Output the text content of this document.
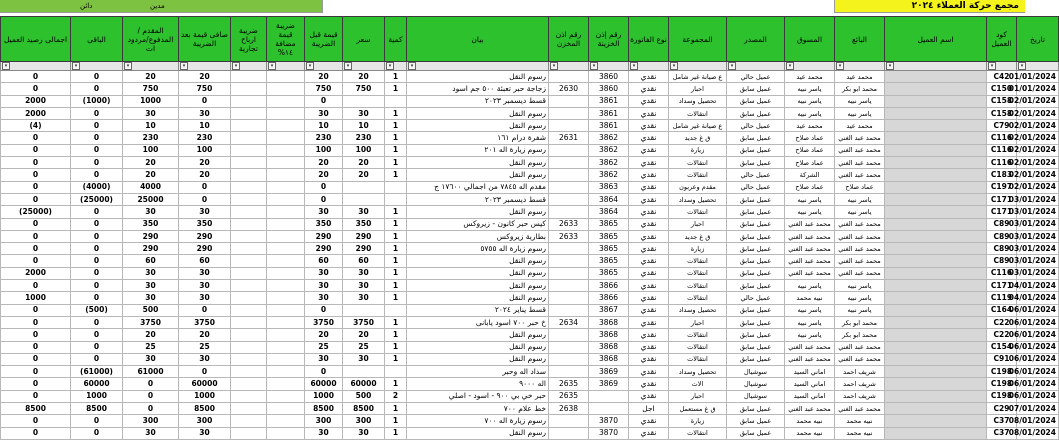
مجمع حركة العملاء ٢٠٢٤
مدين
دائن
تاريخ	كود العميل	اسم العميل	البائع	المسوق	المصدر	المجموعة	نوع الفاتورة	رقم إذن الخزينة	رقم اذن المخزن	بيان	كمية	سعر	قيمة قبل الضريبة	ضريبة قيمة مضافة ١٤%	ضريبة ارباح تجارية	صافى قيمة بعد الضريبة	المقدم / المدفوع/مردود ات	الباقى	اجمالى رصيد العميل

▾	▾	▾	▾	▾	▾	▾	▾	▾	▾	▾	▾	▾	▾	▾	▾	▾	▾	▾	▾

01/01/2024	C42		محمد عيد	محمد عيد	عميل حالي	ع صيانة غير شامل	نقدي	3860		رسوم النقل	1	20	20			20	20	0	0
01/01/2024	C150		محمد ابو بكر	ياسر نبيه	عميل سابق	احبار	نقدي	3860	2630	زجاجة حبر تعبئة ٥٠٠ جم اسود	1	750	750			750	750	0	0
02/01/2024	C158		ياسر نبيه	ياسر نبيه	عميل سابق	تحصيل وسداد	نقدي	3861		قسط ديسمبر ٢٠٢٣			0			0	1000	(1000)	2000
02/01/2024	C158		ياسر نبيه	ياسر نبيه	عميل سابق	انتقالات	نقدي	3861		رسوم النقل	1	30	30			30	30	0	2000
02/01/2024	C79		محمد عيد	محمد عيد	عميل حالي	ع صيانة غير شامل	نقدي	3861		رسوم النقل	1	10	10			10	10	0	(4)
02/01/2024	C116		محمد عبد الغني	عماد صلاح	عميل سابق	ق غ جديد	نقدي	3862	2631	شفرة درام ١٦١	1	230	230			230	230	0	0
02/01/2024	C116		محمد عبد الغني	عماد صلاح	عميل سابق	زيارة	نقدي	3862		رسوم زيارة اله ٢٠١	1	100	100			100	100	0	0
02/01/2024	C116		محمد عبد الغني	عماد صلاح	عميل سابق	انتقالات	نقدي	3862		رسوم النقل	1	20	20			20	20	0	0
02/01/2024	C183		محمد عبد الغني	الشركة	عميل حالي	انتقالات	نقدي	3862		رسوم النقل	1	20	20			20	20	0	0
02/01/2024	C197		عماد صلاح	عماد صلاح	عميل حالي	مقدم وعربون	نقدي	3863		مقدم اله ٧٨٤٥ من اجمالي ١٧٦٠٠ ج			0			0	4000	(4000)	0
03/01/2024	C171		ياسر نبيه	ياسر نبيه	عميل سابق	تحصيل وسداد	نقدي	3864		قسط ديسمبر ٢٠٢٣			0			0	25000	(25000)	0
03/01/2024	C171		ياسر نبيه	ياسر نبيه	عميل سابق	انتقالات	نقدي	3864		رسوم النقل	1	30	30			30	30	0	(25000)
03/01/2024	C89		محمد عبد الغني	محمد عبد الغني	عميل سابق	احبار	نقدي	3865	2633	كيس حبر كانون - زيروكس	1	350	350			350	350	0	0
03/01/2024	C89		محمد عبد الغني	محمد عبد الغني	عميل سابق	ق غ جديد	نقدي	3865	2633	بطارية زيروكس	1	290	290			290	290	0	0
03/01/2024	C89		محمد عبد الغني	محمد عبد الغني	عميل سابق	زيارة	نقدي	3865		رسوم زيارة اله ٥٧٥٥	1	290	290			290	290	0	0
03/01/2024	C89		محمد عبد الغني	محمد عبد الغني	عميل سابق	انتقالات	نقدي	3865		رسوم النقل	1	60	60			60	60	0	0
03/01/2024	C116		محمد عبد الغني	محمد عبد الغني	عميل سابق	انتقالات	نقدي	3865		رسوم النقل	1	30	30			30	30	0	2000
04/01/2024	C171		ياسر نبيه	ياسر نبيه	عميل سابق	انتقالات	نقدي	3866		رسوم النقل	1	30	30			30	30	0	0
04/01/2024	C119		ياسر نبيه	نبيه محمد	عميل حالي	انتقالات	نقدي	3866		رسوم النقل	1	30	30			30	30	0	1000
06/01/2024	C164		ياسر نبيه	ياسر نبيه	عميل سابق	تحصيل وسداد	نقدي	3867		قسط يناير ٢٠٢٤			0			0	500	(500)	0
06/01/2024	C22		محمد ابو بكر	ياسر نبيه	عميل سابق	احبار	نقدي	3868	2634	خ حبر ٧٠٠ اسود يابانى	1	3750	3750			3750	3750	0	0
06/01/2024	C22		محمد ابو بكر	ياسر نبيه	عميل سابق	انتقالات	نقدي	3868		رسوم النقل	1	20	20			20	20	0	0
06/01/2024	C154		محمد عبد الغني	محمد عبد الغني	عميل سابق	انتقالات	نقدي	3868		رسوم النقل	1	25	25			25	25	0	0
06/01/2024	C91		محمد عبد الغني	محمد عبد الغني	عميل سابق	انتقالات	نقدي	3868		رسوم النقل	1	30	30			30	30	0	0
06/01/2024	C198		شريف احمد	اماني السيد	سوشيال	تحصيل وسداد	نقدي	3869		سداد اله وحبر			0			0	61000	(61000)	0
06/01/2024	C198		شريف احمد	اماني السيد	سوشيال	الات	نقدي	3869	2635	اله ٩٠٠٠	1	60000	60000			60000	0	60000	0
06/01/2024	C198		شريف احمد	اماني السيد	سوشيال	احبار	نقدي		2635	حبر خي بي ٩٠٠ - اسود - اصلي	2	500	1000			1000	0	1000	0
07/01/2024	C29		محمد عبد الغني	محمد عبد الغني	عميل سابق	ق غ مستعمل	اجل		2638	خط علام ٧٠٠	1	8500	8500			8500	0	8500	8500
08/01/2024	C37		نبيه محمد	نبيه محمد	عميل سابق	زيارة	نقدي	3870		رسوم زيارة اله ٧٠٠	1	300	300			300	300	0	0
08/01/2024	C37		نبيه محمد	نبيه محمد	عميل سابق	انتقالات	نقدي	3870		رسوم النقل	1	30	30			30	30	0	0
